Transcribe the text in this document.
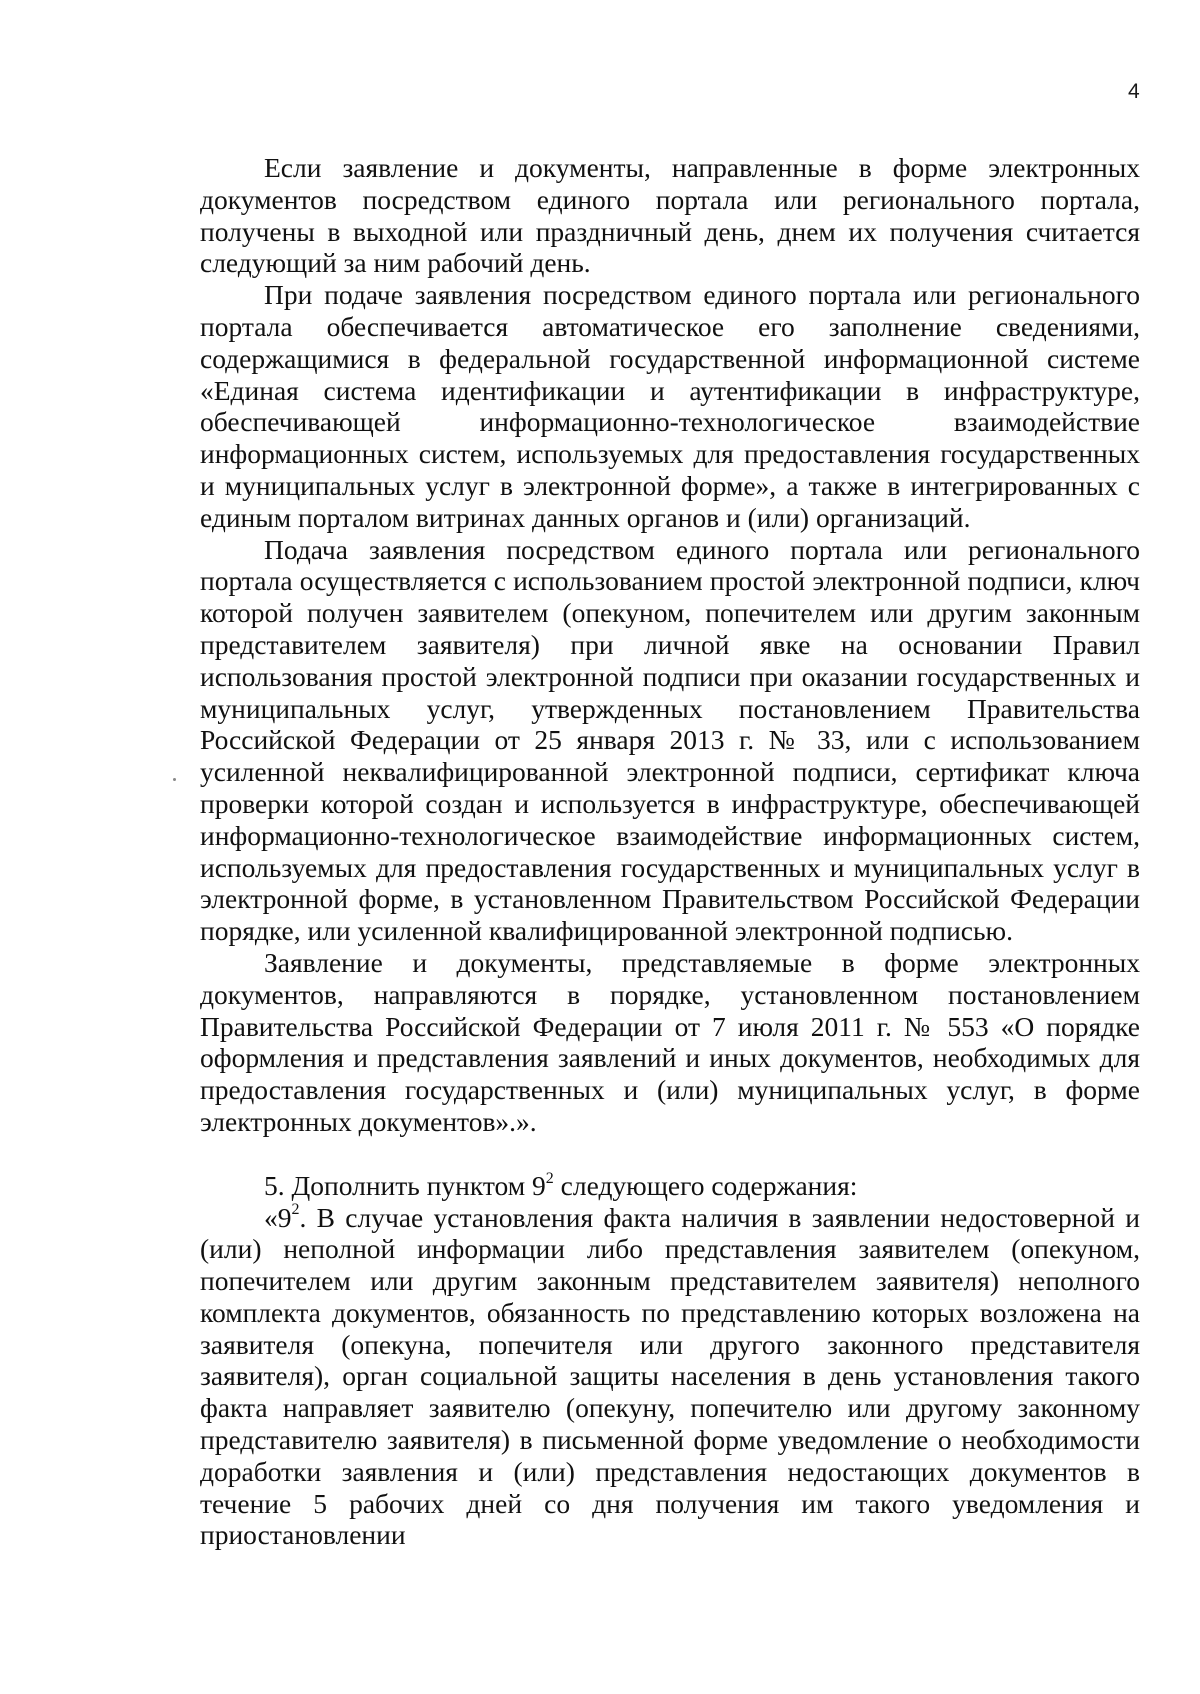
4

Если заявление и документы, направленные в форме электронных документов посредством единого портала или регионального портала, получены в выходной или праздничный день, днем их получения считается следующий за ним рабочий день.

При подаче заявления посредством единого портала или регионального портала обеспечивается автоматическое его заполнение сведениями, содержащимися в федеральной государственной информационной системе «Единая система идентификации и аутентификации в инфраструктуре, обеспечивающей информационно-технологическое взаимодействие информационных систем, используемых для предоставления государственных и муниципальных услуг в электронной форме», а также в интегрированных с единым порталом витринах данных органов и (или) организаций.

Подача заявления посредством единого портала или регионального портала осуществляется с использованием простой электронной подписи, ключ которой получен заявителем (опекуном, попечителем или другим законным представителем заявителя) при личной явке на основании Правил использования простой электронной подписи при оказании государственных и муниципальных услуг, утвержденных постановлением Правительства Российской Федерации от 25 января 2013 г. № 33, или с использованием усиленной неквалифицированной электронной подписи, сертификат ключа проверки которой создан и используется в инфраструктуре, обеспечивающей информационно-технологическое взаимодействие информационных систем, используемых для предоставления государственных и муниципальных услуг в электронной форме, в установленном Правительством Российской Федерации порядке, или усиленной квалифицированной электронной подписью.

Заявление и документы, представляемые в форме электронных документов, направляются в порядке, установленном постановлением Правительства Российской Федерации от 7 июля 2011 г. № 553 «О порядке оформления и представления заявлений и иных документов, необходимых для предоставления государственных и (или) муниципальных услуг, в форме электронных документов».».

5. Дополнить пунктом $9^2$ следующего содержания:

«$9^2$. В случае установления факта наличия в заявлении недостоверной и (или) неполной информации либо представления заявителем (опекуном, попечителем или другим законным представителем заявителя) неполного комплекта документов, обязанность по представлению которых возложена на заявителя (опекуна, попечителя или другого законного представителя заявителя), орган социальной защиты населения в день установления такого факта направляет заявителю (опекуну, попечителю или другому законному представителю заявителя) в письменной форме уведомление о необходимости доработки заявления и (или) представления недостающих документов в течение 5 рабочих дней со дня получения им такого уведомления и приостановлении
